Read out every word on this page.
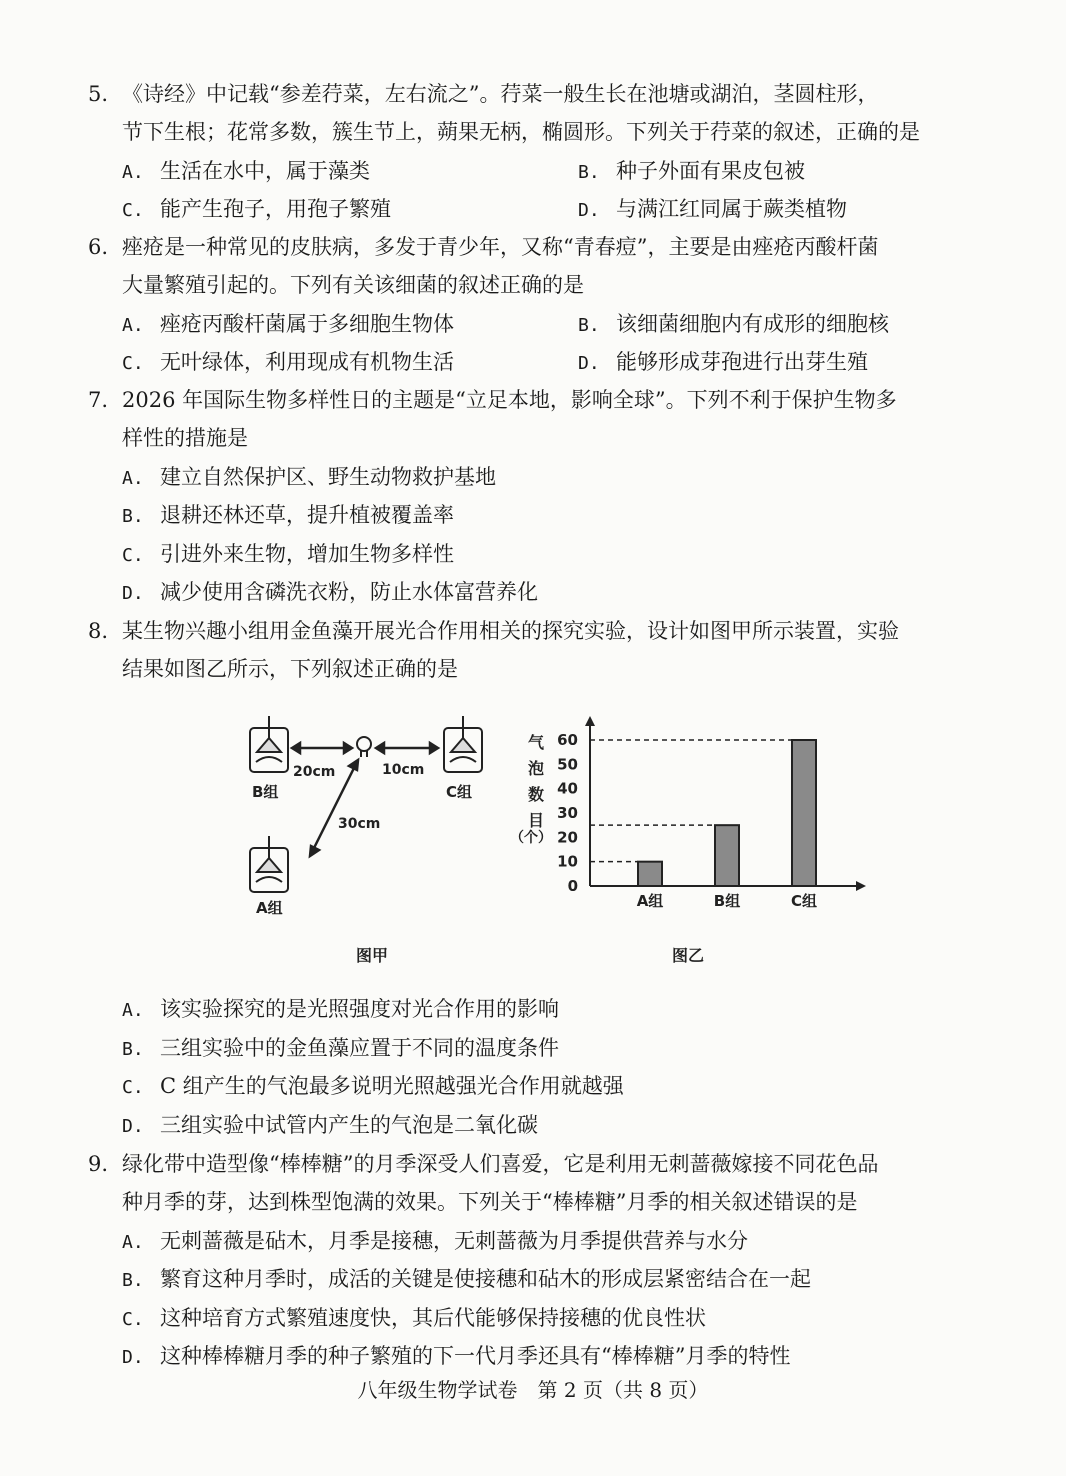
5. 《诗经》中记载“参差荇菜，左右流之”。荇菜一般生长在池塘或湖泊，茎圆柱形，
节下生根；花常多数，簇生节上，蒴果无柄，椭圆形。下列关于荇菜的叙述，正确的是
A. 生活在水中，属于藻类	B. 种子外面有果皮包被
C. 能产生孢子，用孢子繁殖	D. 与满江红同属于蕨类植物
6. 痤疮是一种常见的皮肤病，多发于青少年，又称“青春痘”，主要是由痤疮丙酸杆菌
大量繁殖引起的。下列有关该细菌的叙述正确的是
A. 痤疮丙酸杆菌属于多细胞生物体	B. 该细菌细胞内有成形的细胞核
C. 无叶绿体，利用现成有机物生活	D. 能够形成芽孢进行出芽生殖
7. 2026 年国际生物多样性日的主题是“立足本地，影响全球”。下列不利于保护生物多
样性的措施是
A. 建立自然保护区、野生动物救护基地
B. 退耕还林还草，提升植被覆盖率
C. 引进外来生物，增加生物多样性
D. 减少使用含磷洗衣粉，防止水体富营养化
8. 某生物兴趣小组用金鱼藻开展光合作用相关的探究实验，设计如图甲所示装置，实验
结果如图乙所示，下列叙述正确的是
20cm	10cm
30cm
B组	C组
A组
图甲
0
10
20
30
40
50
60
A组	B组	C组
气
泡
数
目
（个）
图乙
A. 该实验探究的是光照强度对光合作用的影响
B. 三组实验中的金鱼藻应置于不同的温度条件
C. C 组产生的气泡最多说明光照越强光合作用就越强
D. 三组实验中试管内产生的气泡是二氧化碳
9. 绿化带中造型像“棒棒糖”的月季深受人们喜爱，它是利用无刺蔷薇嫁接不同花色品
种月季的芽，达到株型饱满的效果。下列关于“棒棒糖”月季的相关叙述错误的是
A. 无刺蔷薇是砧木，月季是接穗，无刺蔷薇为月季提供营养与水分
B. 繁育这种月季时，成活的关键是使接穗和砧木的形成层紧密结合在一起
C. 这种培育方式繁殖速度快，其后代能够保持接穗的优良性状
D. 这种棒棒糖月季的种子繁殖的下一代月季还具有“棒棒糖”月季的特性
八年级生物学试卷　第 2 页（共 8 页）
